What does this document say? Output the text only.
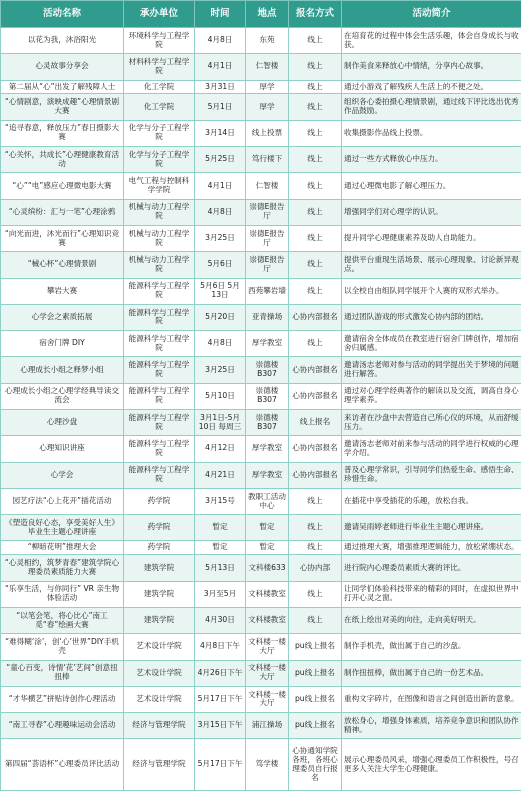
活动名称	承办单位	时间	地点	报名方式	活动简介
以花为我，沐浴阳光	环境科学与工程学院	4月8日	东苑	线上	在培育花的过程中体会生活乐趣，体会自身成长与收获。
心灵故事分享会	材料科学与工程学院	4月1日	仁智楼	线上	制作美食来释放心中情绪，分享内心故事。
第二届从“心”出发了解残障人士	化工学院	3月31日	厚学	线上	通过小游戏了解残疾人生活上的不便之处。
“心情剧意，演映成趣”心理情景剧大赛	化工学院	5月1日	厚学	线上	组织各心委拍摄心理情景剧，通过线下评比选出优秀作品鼓励。
“追寻春意，释放压力”春日摄影大赛	化学与分子工程学院	3月14日	线上投票	线上	收集摄影作品线上投票。
“心关怀，共成长”心理健康教育活动	化学与分子工程学院	5月25日	笃行楼下	线上	通过一些方式释放心中压力。
“心”“电”感应心理微电影大赛	电气工程与控制科学学院	4月1日	仁智楼	线上	通过心理微电影了解心理压力。
“心灵缤纷：汇与一笔”心理涂鸦	机械与动力工程学院	4月8日	崇德E报告厅	线上	增强同学们对心理学的认识。
“向光而进，沐光而行”心理知识竞赛	机械与动力工程学院	3月25日	崇德E报告厅	线上	提升同学心理健康素养及助人自助能力。
“械心杯”心理情景剧	机械与动力工程学院	5月6日	崇德E报告厅	线上	提供平台重现生活场景、展示心理现象、讨论新异观点。
攀岩大赛	能源科学与工程学院	5月6日 5月13日	西苑攀岩墙	线上	以全校自由组队同学展开个人赛的双形式举办。
心学会之素质拓展	能源科学与工程学院	5月20日	亚青操场	心协内部报名	通过团队游戏的形式激发心协内部的团结。
宿舍门牌 DIY	能源科学与工程学院	4月8日	厚学教室	线上	邀请宿舍全体成员在教室进行宿舍门牌创作，增加宿舍归属感。
心理成长小组之释梦小组	能源科学与工程学院	3月25日	崇德楼B307	心协内部报名	邀请汤志老师对参与活动的同学提出关于梦境的问题进行解答。
心理成长小组之心理学经典导读交流会	能源科学与工程学院	5月10日	崇德楼B307	心协内部报名	通过对心理学经典著作的解读以及交流，调高自身心理学素养。
心理沙盘	能源科学与工程学院	3月1日-5月10日 每周三	崇德楼B307	线上报名	来访者在沙盘中去营造自己所心仪的环境，从而舒缓压力。
心理知识讲座	能源科学与工程学院	4月12日	厚学教室	心协内部报名	邀请汤志老师对前来参与活动的同学进行权威的心理学介绍。
心学会	能源科学与工程学院	4月21日	厚学教室	心协内部报名	普及心理学常识，引导同学们热爱生命、感悟生命、珍惜生命。
园艺疗法“心上花开”插花活动	药学院	3月15号	教职工活动中心	线上	在插花中享受插花的乐趣，放松自我。
《塑造良好心态，享受美好人生》毕业生主题心理讲座	药学院	暂定	暂定	线上	邀请吴雨婷老师进行毕业生主题心理讲座。
“柳暗花明”推理大会	药学院	暂定	暂定	线上	通过推理大赛，增强推理逻辑能力，放松紧绷状态。
“心灵相约，筑梦青春”建筑学院心理委员素质能力大赛	建筑学院	5月13日	文科楼633	心协内部	进行院内心理委员素质大赛的评比。
“乐享生活，与你同行” VR 亲生物体验活动	建筑学院	3月至5月	文科楼教室	线上	让同学们体验科技带来的精彩的同时，在虚拟世界中打开心灵之窗。
“以笔会笔，将心比心”南工觅“春”绘画大赛	建筑学院	4月30日	文科楼教室	线上	在纸上绘出对美的向往，走向美好明天。
“难得糊‘涂’，创‘心’世界”DIY手机壳	艺术设计学院	4月8日下午	文科楼一楼大厅	pu线上报名	制作手机壳，做出属于自己的沙盘。
“童心百变，诗情‘花’艺间”创意扭扭棒	艺术设计学院	4月26日下午	文科楼一楼大厅	pu线上报名	制作扭扭棒，做出属于自己的一份艺术品。
“才华横艺”拼贴诗创作心理活动	艺术设计学院	5月17日下午	文科楼一楼大厅	pu线上报名	重构文字碎片，在图像和语言之间创造出新的意象。
“南工寻春”心理趣味运动会活动	经济与管理学院	3月15日下午	浦江操场	pu线上报名	放松身心，增强身体素质，培养竞争意识和团队协作精神。
第四届“荟语杯”心理委员评比活动	经济与管理学院	5月17日下午	笃学楼	心协通知学院各班，各班心理委员自行报名	展示心理委员风采，增强心理委员工作积极性，号召更多人关注大学生心理健康。
